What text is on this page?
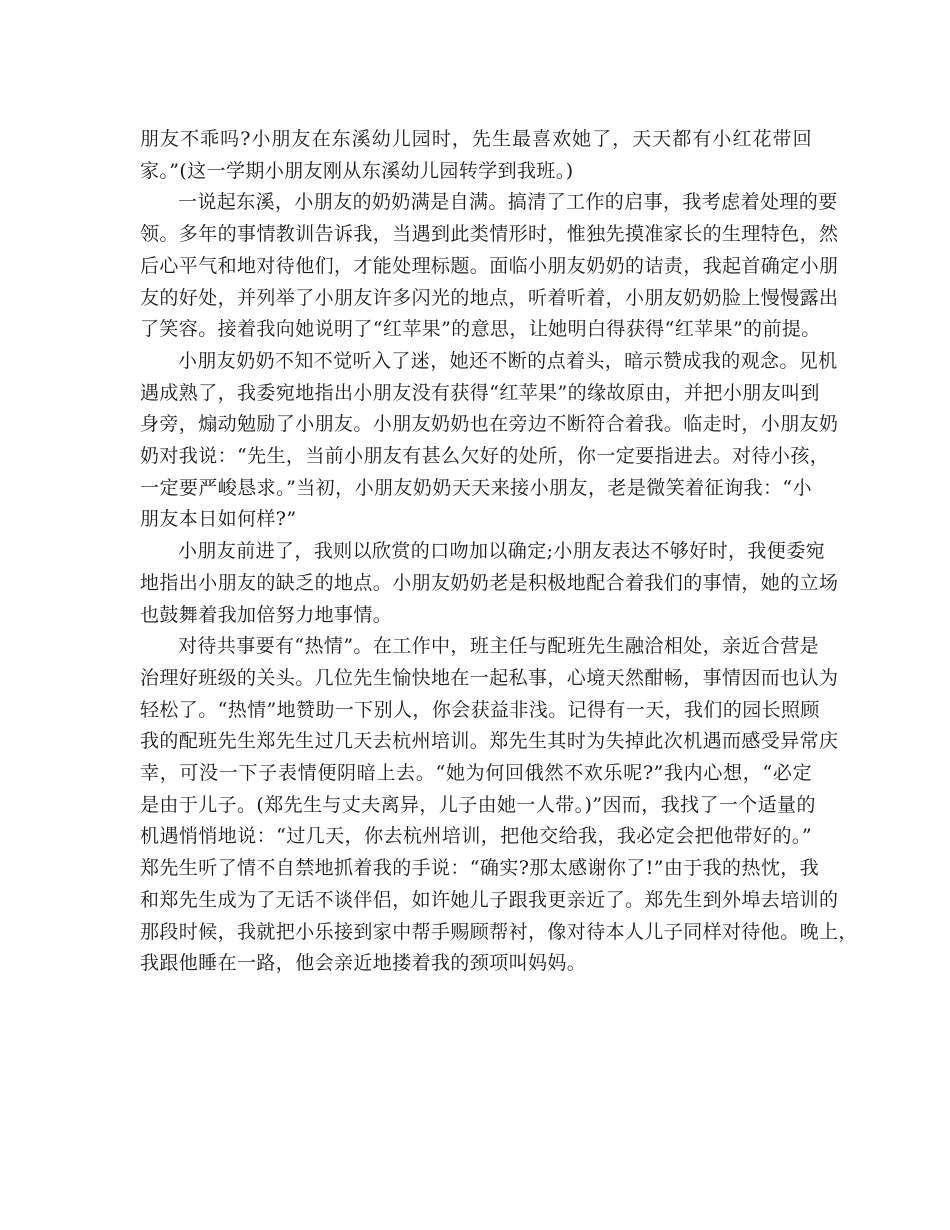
朋友不乖吗?小朋友在东溪幼儿园时，先生最喜欢她了，天天都有小红花带回
家。”(这一学期小朋友刚从东溪幼儿园转学到我班。)
一说起东溪，小朋友的奶奶满是自满。搞清了工作的启事，我考虑着处理的要
领。多年的事情教训告诉我，当遇到此类情形时，惟独先摸准家长的生理特色，然
后心平气和地对待他们，才能处理标题。面临小朋友奶奶的诘责，我起首确定小朋
友的好处，并列举了小朋友许多闪光的地点，听着听着，小朋友奶奶脸上慢慢露出
了笑容。接着我向她说明了“红苹果”的意思，让她明白得获得“红苹果”的前提。
小朋友奶奶不知不觉听入了迷，她还不断的点着头，暗示赞成我的观念。见机
遇成熟了，我委宛地指出小朋友没有获得“红苹果”的缘故原由，并把小朋友叫到
身旁，煽动勉励了小朋友。小朋友奶奶也在旁边不断符合着我。临走时，小朋友奶
奶对我说：“先生，当前小朋友有甚么欠好的处所，你一定要指进去。对待小孩，
一定要严峻恳求。”当初，小朋友奶奶天天来接小朋友，老是微笑着征询我：“小
朋友本日如何样?”
小朋友前进了，我则以欣赏的口吻加以确定;小朋友表达不够好时，我便委宛
地指出小朋友的缺乏的地点。小朋友奶奶老是积极地配合着我们的事情，她的立场
也鼓舞着我加倍努力地事情。
对待共事要有“热情”。在工作中，班主任与配班先生融洽相处，亲近合营是
治理好班级的关头。几位先生愉快地在一起私事，心境天然酣畅，事情因而也认为
轻松了。“热情”地赞助一下别人，你会获益非浅。记得有一天，我们的园长照顾
我的配班先生郑先生过几天去杭州培训。郑先生其时为失掉此次机遇而感受异常庆
幸，可没一下子表情便阴暗上去。“她为何回俄然不欢乐呢?”我内心想，“必定
是由于儿子。(郑先生与丈夫离异，儿子由她一人带。)”因而，我找了一个适量的
机遇悄悄地说：“过几天，你去杭州培训，把他交给我，我必定会把他带好的。”
郑先生听了情不自禁地抓着我的手说：“确实?那太感谢你了!”由于我的热忱，我
和郑先生成为了无话不谈伴侣，如许她儿子跟我更亲近了。郑先生到外埠去培训的
那段时候，我就把小乐接到家中帮手赐顾帮衬，像对待本人儿子同样对待他。晚上，
我跟他睡在一路，他会亲近地搂着我的颈项叫妈妈。
